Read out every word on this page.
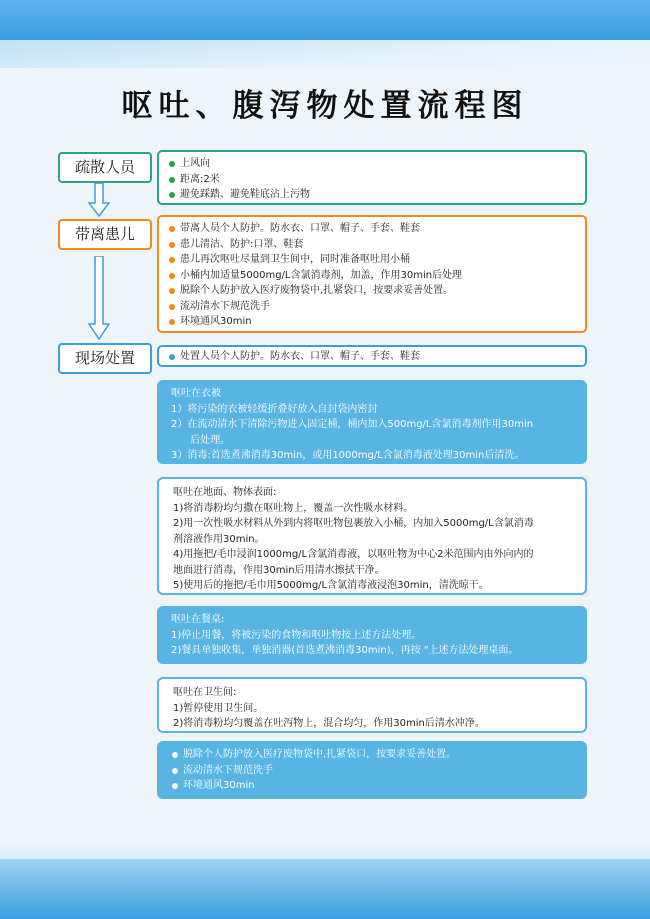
呕吐、腹泻物处置流程图
疏散人员	上风向
距离:2米
避免踩踏、避免鞋底沾上污物
带离患儿	带离人员个人防护。防水衣、口罩、帽子、手套、鞋套
患儿清洁、防护:口罩、鞋套
患儿再次呕吐尽量到卫生间中，同时准备呕吐用小桶
小桶内加适量5000mg/L含氯消毒剂，加盖，作用30min后处理
脱除个人防护放入医疗废物袋中,扎紧袋口，按要求妥善处置。
流动清水下规范洗手
环境通风30min
现场处置	处置人员个人防护。防水衣、口罩、帽子、手套、鞋套
呕吐在衣被
1）将污染的衣被轻缓折叠好放入自封袋内密封
2）在流动清水下清除污物进入固定桶，桶内加入500mg/L含氯消毒剂作用30min
后处理。
3）消毒:首选煮沸消毒30min，或用1000mg/L含氯消毒液处理30min后清洗。
呕吐在地面、物体表面:
1)将消毒粉均匀撒在呕吐物上，覆盖一次性吸水材料。
2)用一次性吸水材料从外到内将呕吐物包裹放入小桶，内加入5000mg/L含氯消毒
剂溶液作用30min。
4)用拖把/毛巾浸润1000mg/L含氯消毒液，以呕吐物为中心2米范围内由外向内的
地面进行消毒，作用30min后用清水擦拭干净。
5)使用后的拖把/毛巾用5000mg/L含氯消毒液浸泡30min，清洗晾干。
呕吐在餐桌:
1)停止用餐，将被污染的食物和呕吐物按上述方法处理。
2)餐具单独收集，单独消器(首选煮沸消毒30min)，再按 "上述方法处理桌面。
呕吐在卫生间:
1)暂停使用卫生间。
2)将消毒粉均匀覆盖在吐泻物上，混合均匀，作用30min后清水冲净。
脱除个人防护放入医疗废物袋中,扎紧袋口，按要求妥善处置。
流动清水下规范洗手
环境通风30min
